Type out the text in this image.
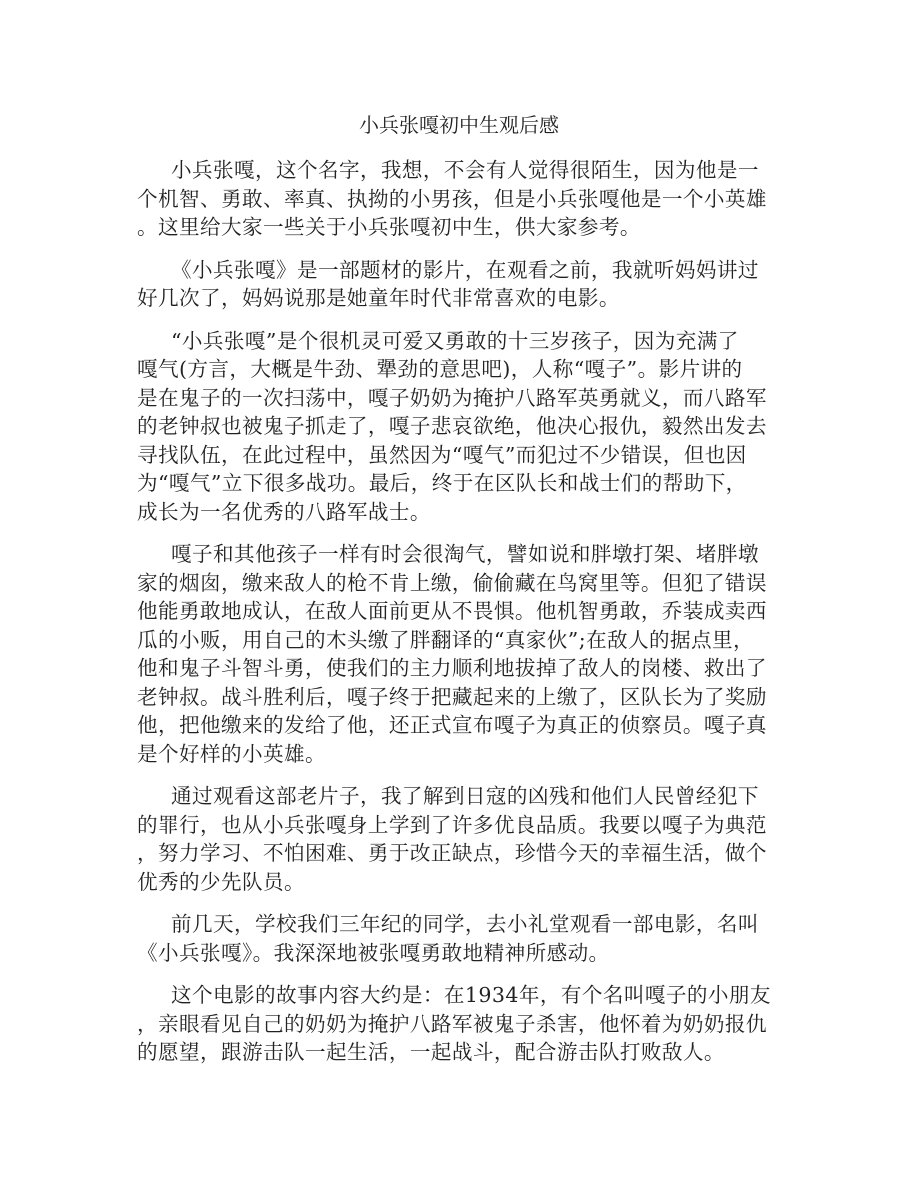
小兵张嘎初中生观后感
小兵张嘎，这个名字，我想，不会有人觉得很陌生，因为他是一
个机智、勇敢、率真、执拗的小男孩，但是小兵张嘎他是一个小英雄
。这里给大家一些关于小兵张嘎初中生，供大家参考。
《小兵张嘎》是一部题材的影片，在观看之前，我就听妈妈讲过
好几次了，妈妈说那是她童年时代非常喜欢的电影。
“小兵张嘎”是个很机灵可爱又勇敢的十三岁孩子，因为充满了
嘎气(方言，大概是牛劲、犟劲的意思吧)，人称“嘎子”。影片讲的
是在鬼子的一次扫荡中，嘎子奶奶为掩护八路军英勇就义，而八路军
的老钟叔也被鬼子抓走了，嘎子悲哀欲绝，他决心报仇，毅然出发去
寻找队伍，在此过程中，虽然因为“嘎气”而犯过不少错误，但也因
为“嘎气”立下很多战功。最后，终于在区队长和战士们的帮助下，
成长为一名优秀的八路军战士。
嘎子和其他孩子一样有时会很淘气，譬如说和胖墩打架、堵胖墩
家的烟囱，缴来敌人的枪不肯上缴，偷偷藏在鸟窝里等。但犯了错误
他能勇敢地成认，在敌人面前更从不畏惧。他机智勇敢，乔装成卖西
瓜的小贩，用自己的木头缴了胖翻译的“真家伙”;在敌人的据点里，
他和鬼子斗智斗勇，使我们的主力顺利地拔掉了敌人的岗楼、救出了
老钟叔。战斗胜利后，嘎子终于把藏起来的上缴了，区队长为了奖励
他，把他缴来的发给了他，还正式宣布嘎子为真正的侦察员。嘎子真
是个好样的小英雄。
通过观看这部老片子，我了解到日寇的凶残和他们人民曾经犯下
的罪行，也从小兵张嘎身上学到了许多优良品质。我要以嘎子为典范
，努力学习、不怕困难、勇于改正缺点，珍惜今天的幸福生活，做个
优秀的少先队员。
前几天，学校我们三年纪的同学，去小礼堂观看一部电影，名叫
《小兵张嘎》。我深深地被张嘎勇敢地精神所感动。
这个电影的故事内容大约是：在1934年，有个名叫嘎子的小朋友
，亲眼看见自己的奶奶为掩护八路军被鬼子杀害，他怀着为奶奶报仇
的愿望，跟游击队一起生活，一起战斗，配合游击队打败敌人。
